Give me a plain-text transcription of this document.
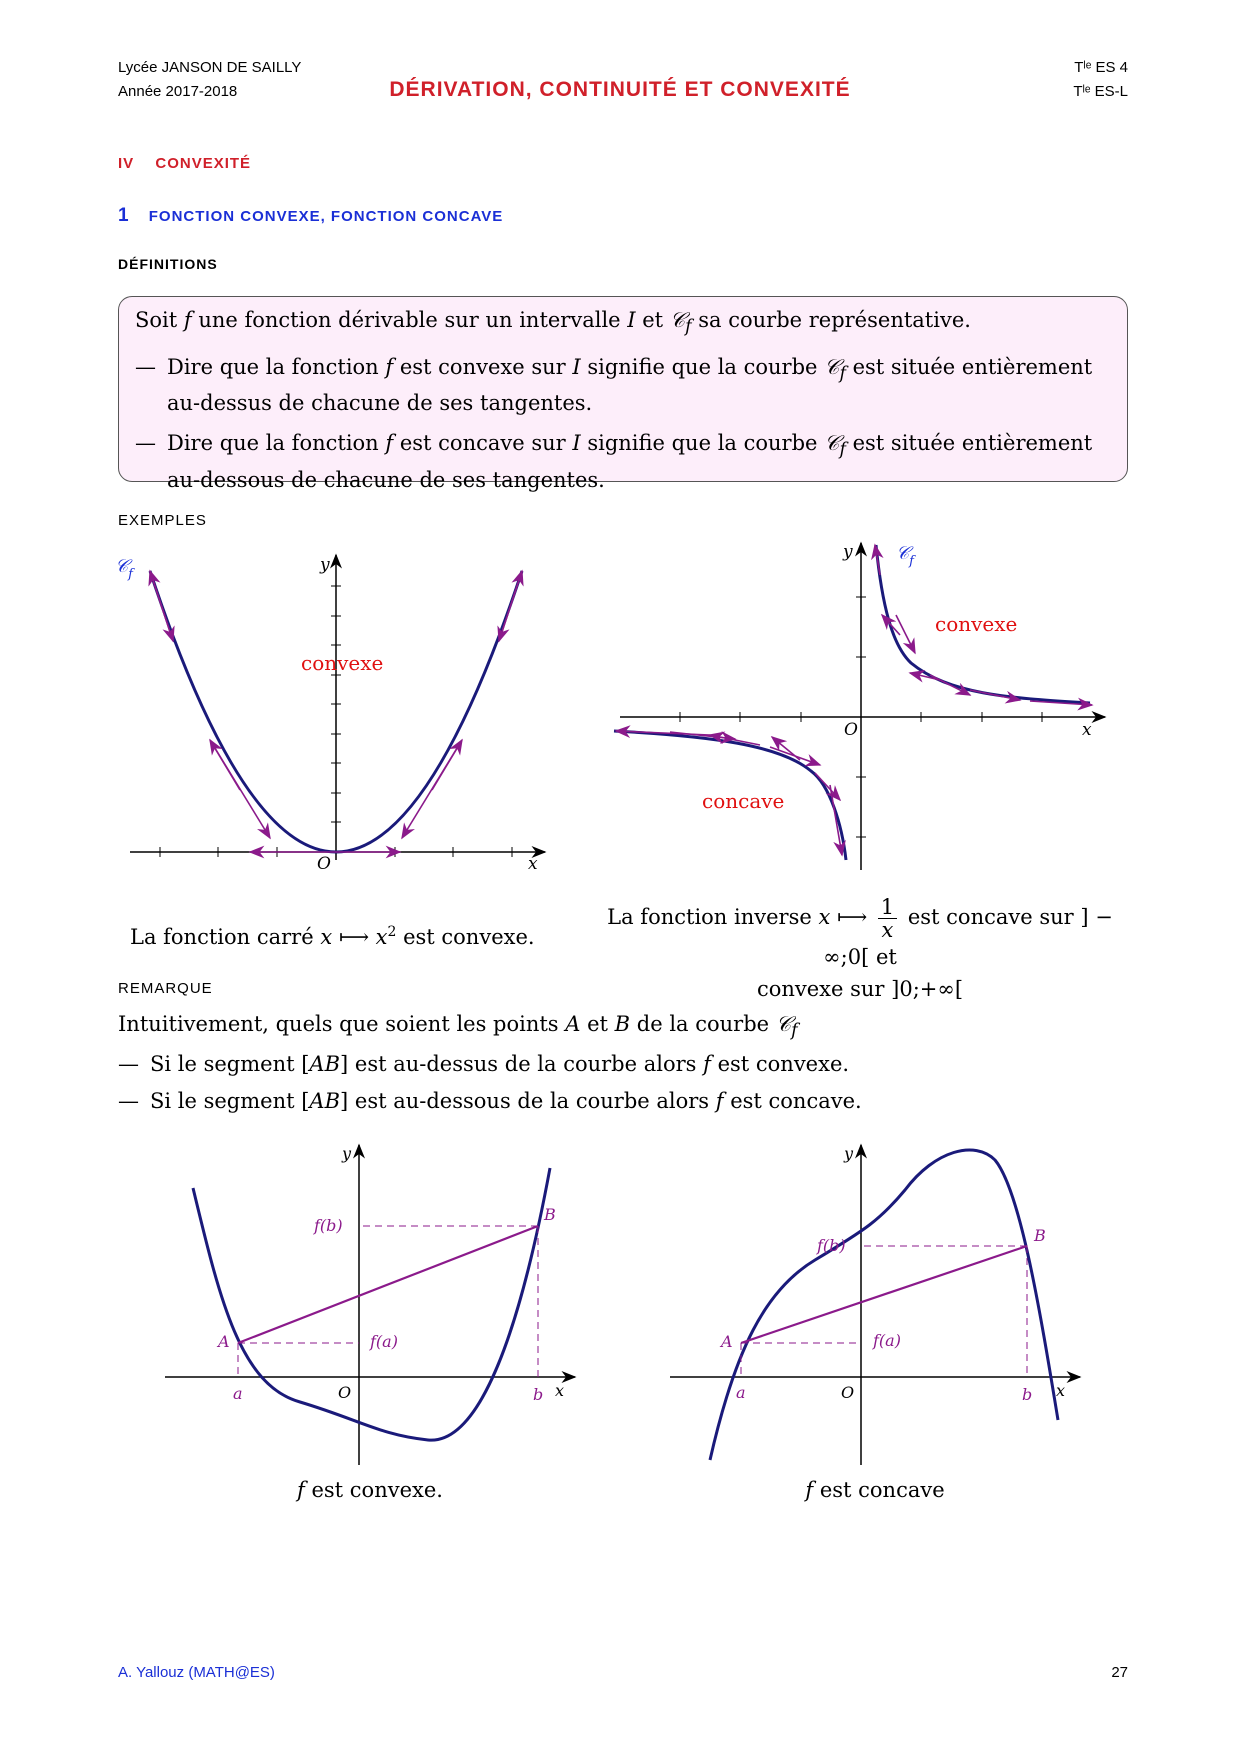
Lycée JANSON DE SAILLY
Année 2017-2018	DÉRIVATION, CONTINUITÉ ET CONVEXITÉ
Tˡᵉ ES 4
Tˡᵉ ES-L
IV CONVEXITÉ
1 FONCTION CONVEXE, FONCTION CONCAVE
DÉFINITIONS

Soit f une fonction dérivable sur un intervalle I et 𝒞$_f$ sa courbe représentative.

— Dire que la fonction f est convexe sur I signifie que la courbe 𝒞$_f$ est située entièrement au-dessus de chacune de ses tangentes.
— Dire que la fonction f est concave sur I signifie que la courbe 𝒞$_f$ est située entièrement au-dessous de chacune de ses tangentes.
EXEMPLES
O	x
y
𝒞$_f$
convexe
O	x
y 𝒞$_f$
convexe
concave
La fonction carré x ⟼ $x^2$ est convexe.
La fonction inverse x ⟼ $\frac{1}{x}$ est concave sur ] − ∞;0[ et
convexe sur ]0;+∞[
REMARQUE
Intuitivement, quels que soient les points A et B de la courbe 𝒞$_f$
— Si le segment [AB] est au-dessus de la courbe alors f est convexe.
— Si le segment [AB] est au-dessous de la courbe alors f est concave.
A
B
a	b
f(a)
f(b)
O	x
y
A
B
a	b
f(a)
f(b)
O	x
y
f est convexe.	f est concave
A. Yallouz (MATH@ES)	27
